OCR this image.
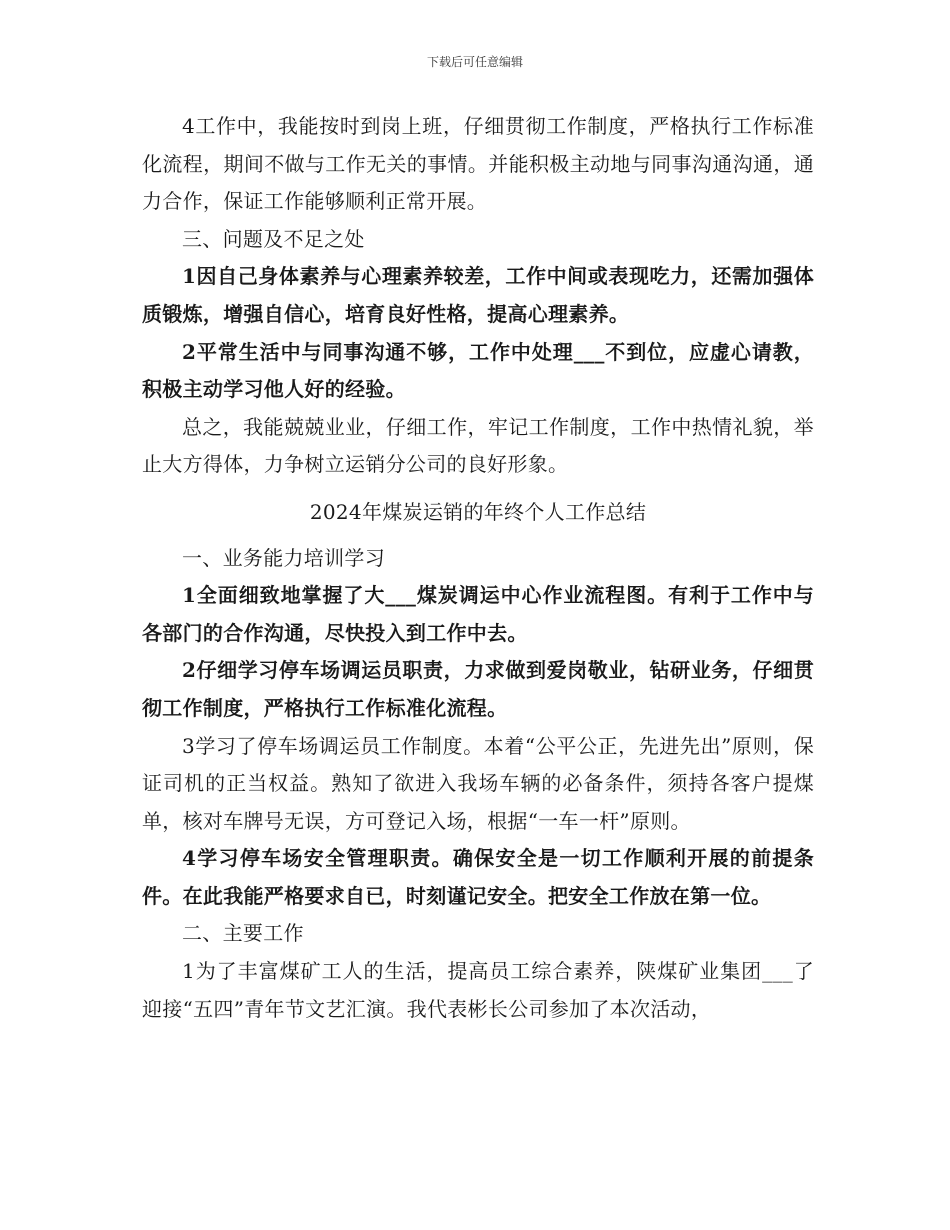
下载后可任意编辑

4工作中，我能按时到岗上班，仔细贯彻工作制度，严格执行工作标准化流程，期间不做与工作无关的事情。并能积极主动地与同事沟通沟通，通力合作，保证工作能够顺利正常开展。

三、问题及不足之处

1因自己身体素养与心理素养较差，工作中间或表现吃力，还需加强体质锻炼，增强自信心，培育良好性格，提高心理素养。

2平常生活中与同事沟通不够，工作中处理___不到位，应虚心请教，积极主动学习他人好的经验。

总之，我能兢兢业业，仔细工作，牢记工作制度，工作中热情礼貌，举止大方得体，力争树立运销分公司的良好形象。

2024年煤炭运销的年终个人工作总结

一、业务能力培训学习

1全面细致地掌握了大___煤炭调运中心作业流程图。有利于工作中与各部门的合作沟通，尽快投入到工作中去。

2仔细学习停车场调运员职责，力求做到爱岗敬业，钻研业务，仔细贯彻工作制度，严格执行工作标准化流程。

3学习了停车场调运员工作制度。本着“公平公正，先进先出”原则，保证司机的正当权益。熟知了欲进入我场车辆的必备条件，须持各客户提煤单，核对车牌号无误，方可登记入场，根据“一车一杆”原则。

4学习停车场安全管理职责。确保安全是一切工作顺利开展的前提条件。在此我能严格要求自已，时刻谨记安全。把安全工作放在第一位。

二、主要工作

1为了丰富煤矿工人的生活，提高员工综合素养，陕煤矿业集团___了迎接“五四”青年节文艺汇演。我代表彬长公司参加了本次活动，
